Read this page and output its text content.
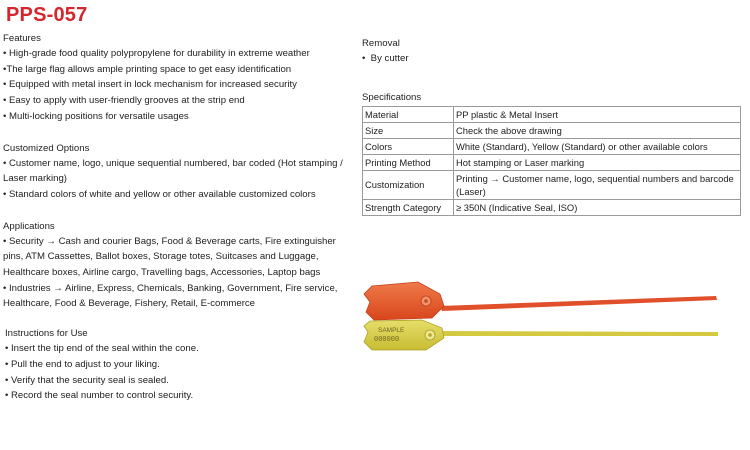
PPS-057
Features
• High-grade food quality polypropylene for durability in extreme weather
•The large flag allows ample printing space to get easy identification
• Equipped with metal insert in lock mechanism for increased security
• Easy to apply with user-friendly grooves at the strip end
• Multi-locking positions for versatile usages
Customized Options
• Customer name, logo, unique sequential numbered, bar coded (Hot stamping / Laser marking)
• Standard colors of white and yellow or other available customized colors
Applications
• Security → Cash and courier Bags, Food & Beverage carts, Fire extinguisher pins, ATM Cassettes, Ballot boxes, Storage totes, Suitcases and Luggage, Healthcare boxes, Airline cargo, Travelling bags, Accessories, Laptop bags
• Industries → Airline, Express, Chemicals, Banking, Government, Fire service, Healthcare, Food & Beverage, Fishery, Retail, E-commerce
Instructions for Use
• Insert the tip end of the seal within the cone.
• Pull the end to adjust to your liking.
• Verify that the security seal is sealed.
• Record the seal number to control security.
Removal
• By cutter
Specifications
Material	PP plastic & Metal Insert
Size	Check the above drawing
Colors	White (Standard), Yellow (Standard) or other available colors
Printing Method	Hot stamping or Laser marking
Customization	Printing → Customer name, logo, sequential numbers and barcode (Laser)
Strength Category	≥ 350N (Indicative Seal, ISO)
SAMPLE
000000
